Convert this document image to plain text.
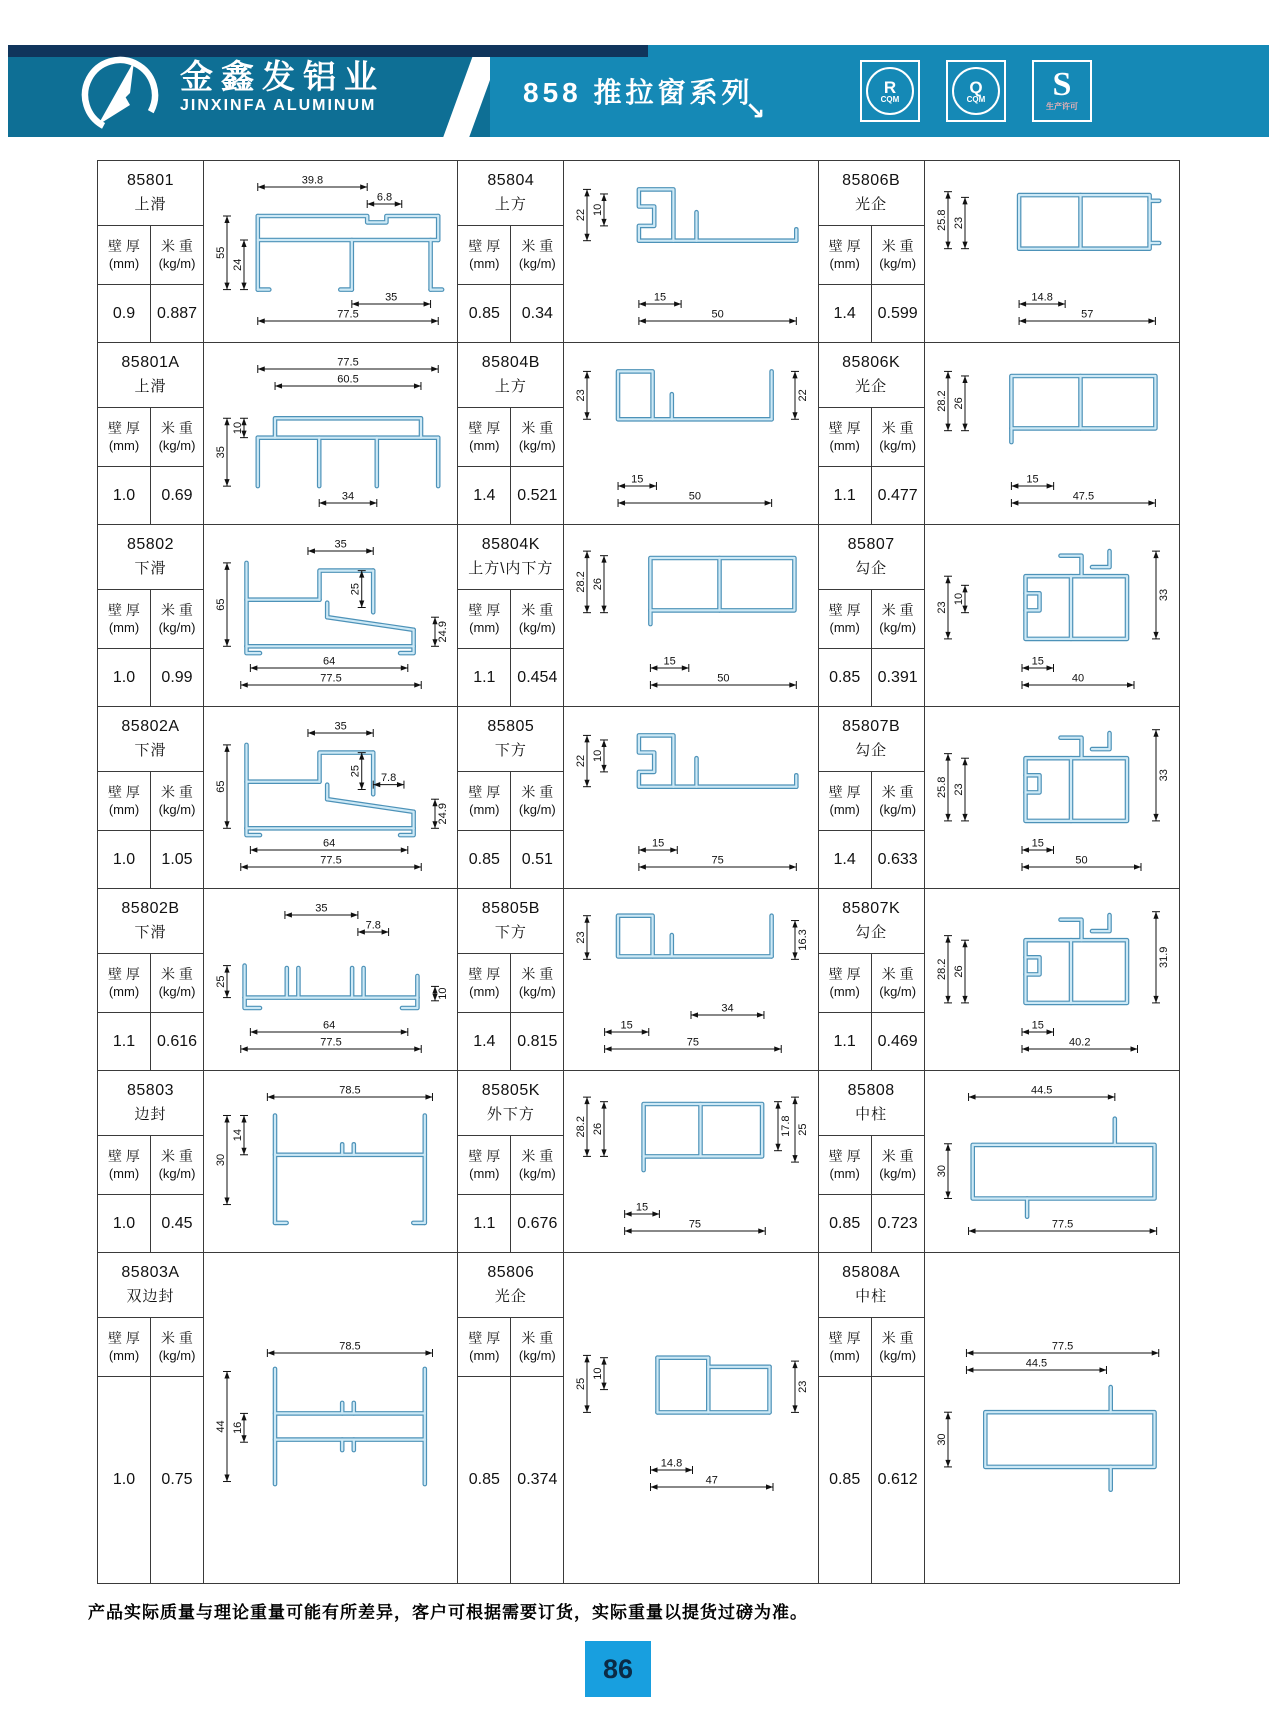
金鑫发铝业
JINXINFA ALUMINUM	858 推拉窗系列
↘
R
CQM
Q
CQM S
生产许可
85801
上滑
壁 厚
(mm)
米 重
(kg/m)
0.9	0.887
39.8
6.8
35
77.5
55
24
85804
上方
壁 厚
(mm)
米 重
(kg/m)
0.85	0.34
15
50
22 10
85806B
光企
壁 厚
(mm)
米 重
(kg/m)
1.4	0.599
14.8
57
25.8 23
85801A
上滑
壁 厚
(mm)
米 重
(kg/m)
1.0	0.69
77.5
60.5
34
10
35
85804B
上方
壁 厚
(mm)
米 重
(kg/m)
1.4	0.521
15
50
23	22
85806K
光企
壁 厚
(mm)
米 重
(kg/m)
1.1	0.477
15
47.5
28.2 26
85802
下滑
壁 厚
(mm)
米 重
(kg/m)
1.0	0.99
35
64
77.5
65
24.9
25
85804K
上方\内下方
壁 厚
(mm)
米 重
(kg/m)
1.1	0.454
15
50
28.2 26
85807
勾企
壁 厚
(mm)
米 重
(kg/m)
0.85	0.391
15
40
23
10	33
85802A
下滑
壁 厚
(mm)
米 重
(kg/m)
1.0	1.05
35
64
77.5
65
24.9
25
7.8
85805
下方
壁 厚
(mm)
米 重
(kg/m)
0.85	0.51
15
75
22 10
85807B
勾企
壁 厚
(mm)
米 重
(kg/m)
1.4	0.633
15
50
25.8 23
33
85802B
下滑
壁 厚
(mm)
米 重
(kg/m)
1.1	0.616
35
7.8
64
77.5
25
10
85805B
下方
壁 厚
(mm)
米 重
(kg/m)
1.4	0.815
34
15
75
23	16.3
85807K
勾企
壁 厚
(mm)
米 重
(kg/m)
1.1	0.469
15
40.2
28.2 26
31.9
85803
边封
壁 厚
(mm)
米 重
(kg/m)
1.0	0.45
78.5
30
14
85805K
外下方
壁 厚
(mm)
米 重
(kg/m)
1.1	0.676
15
75
28.2 26	17.8 25
85808
中柱
壁 厚
(mm)
米 重
(kg/m)
0.85	0.723
44.5
77.5
30
85803A
双边封
壁 厚
(mm)
米 重
(kg/m)
1.0	0.75
78.5
44 16
85806
光企
壁 厚
(mm)
米 重
(kg/m)
0.85	0.374
14.8
47
25
10
23
85808A
中柱
壁 厚
(mm)
米 重
(kg/m)
0.85	0.612
77.5
44.5
30
产品实际质量与理论重量可能有所差异，客户可根据需要订货，实际重量以提货过磅为准。
86
